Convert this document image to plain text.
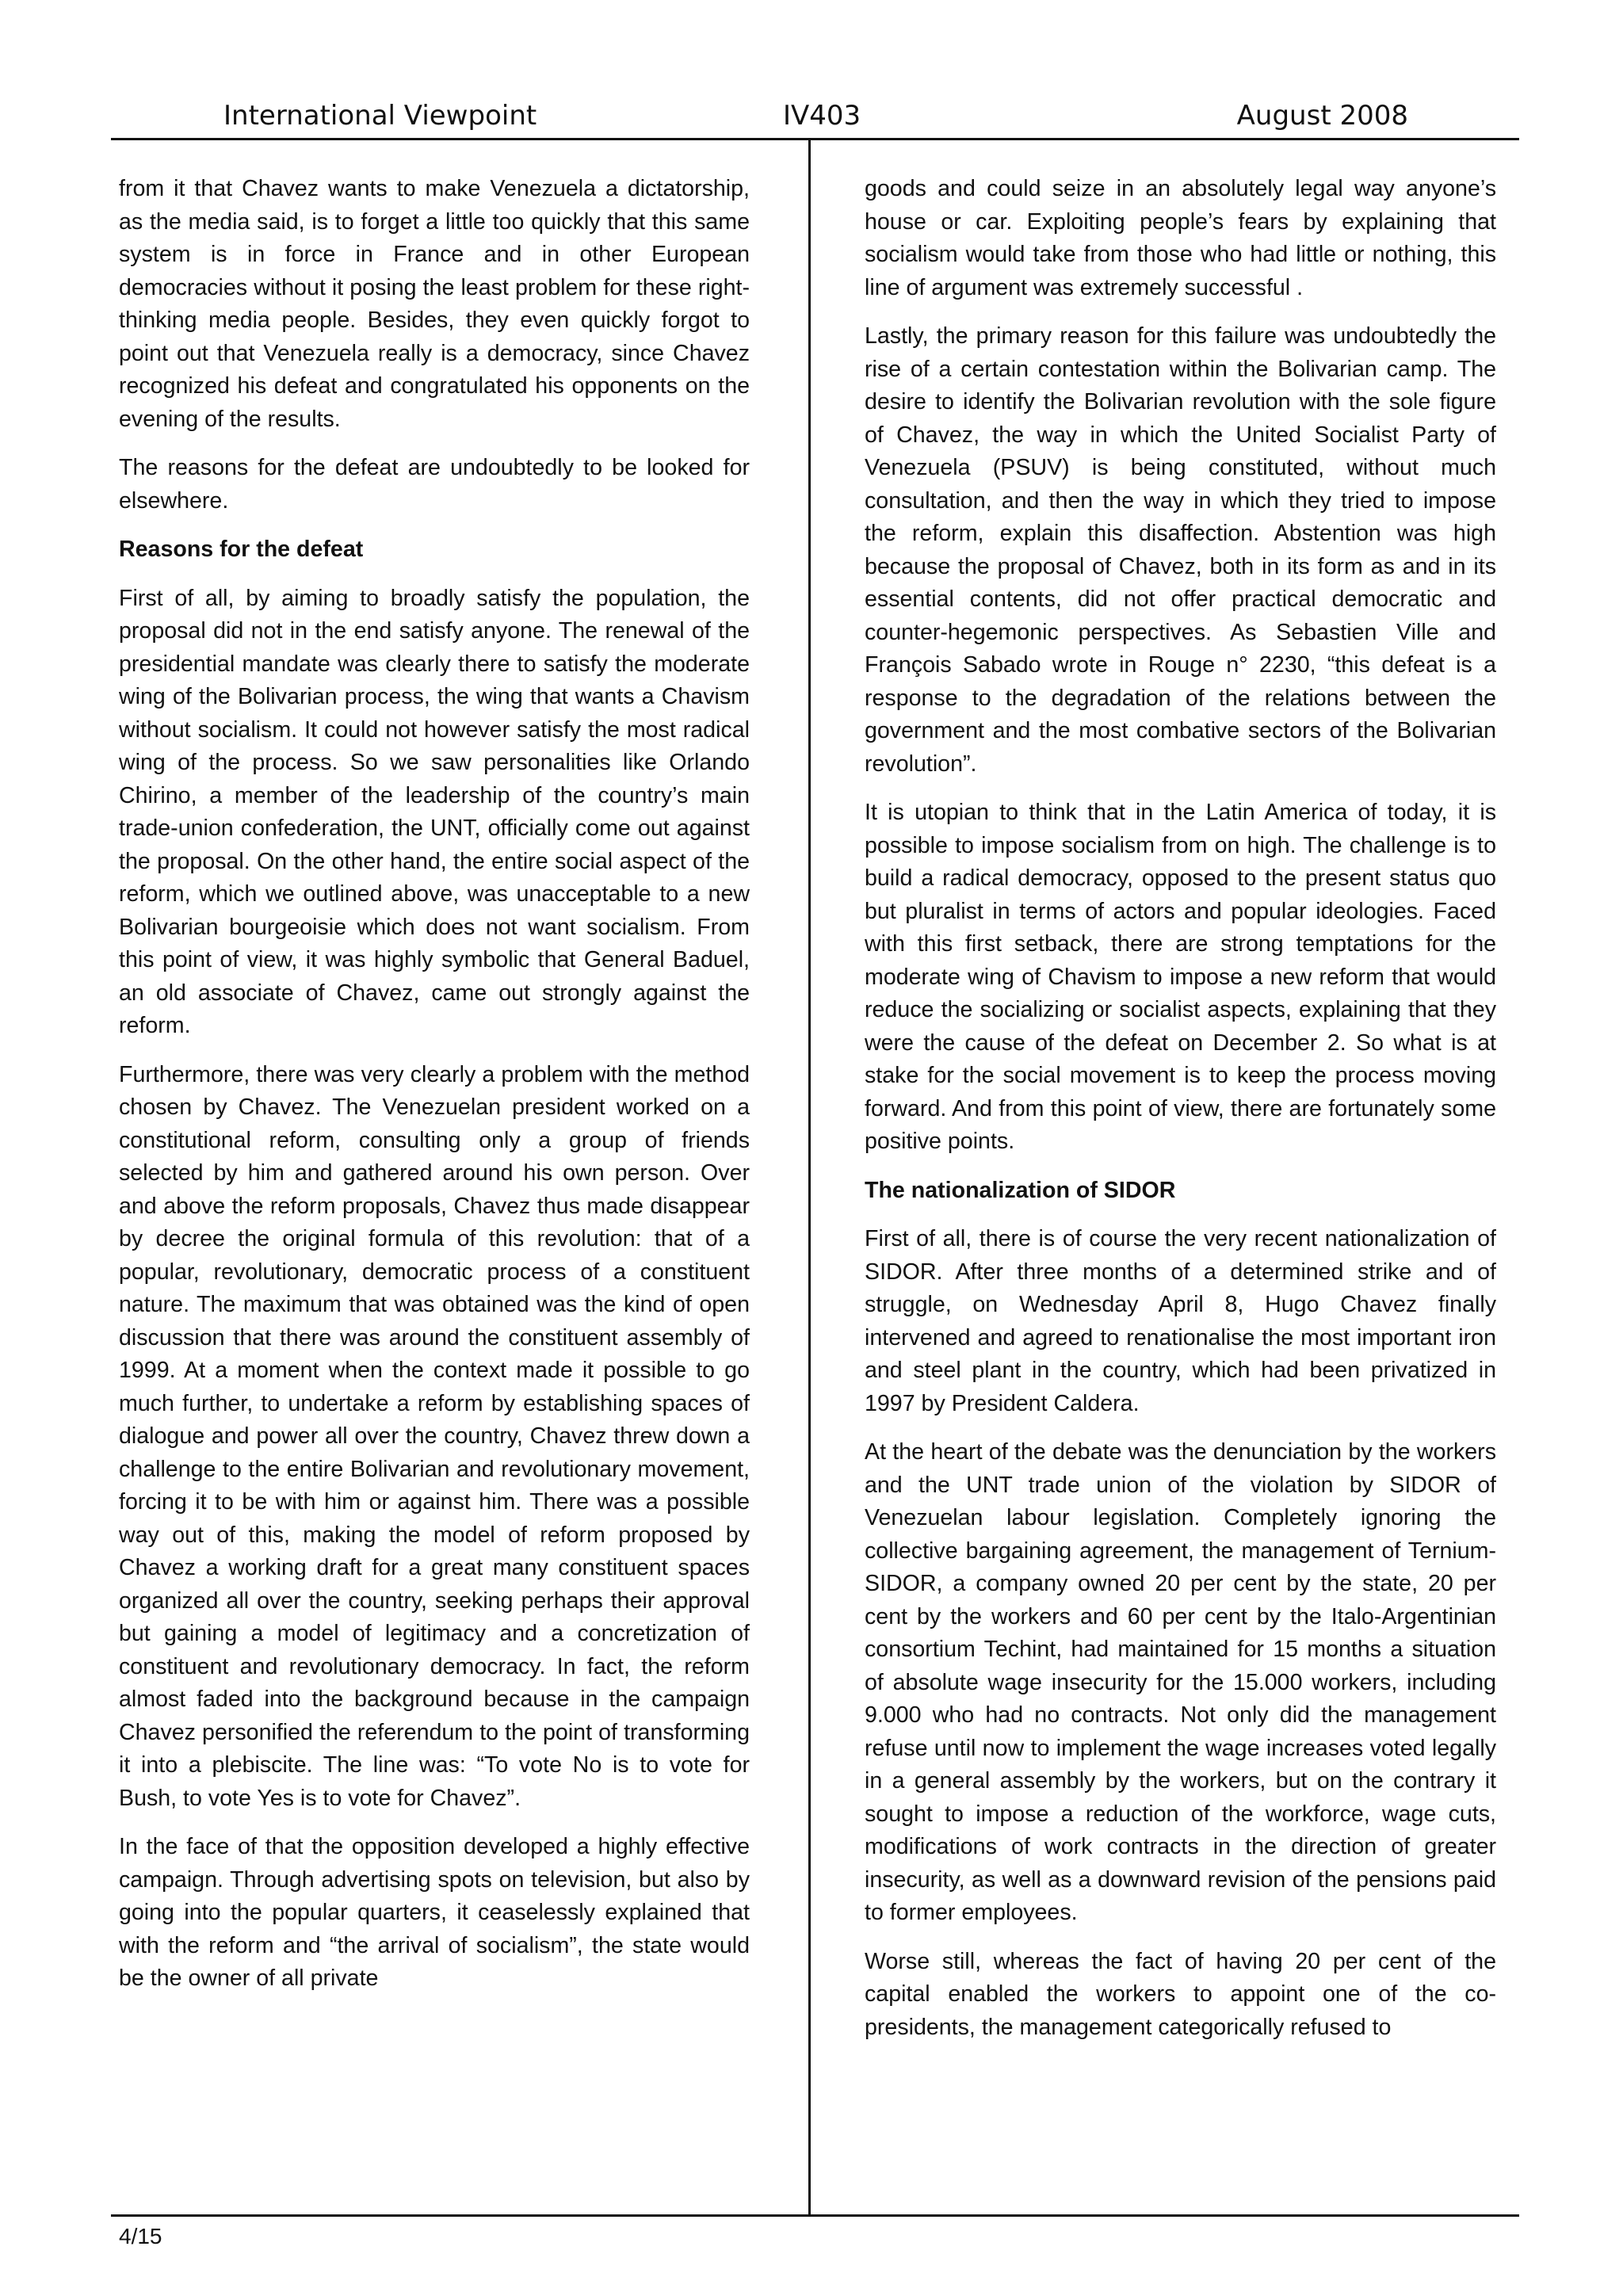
International Viewpoint	IV403	August 2008

from it that Chavez wants to make Venezuela a dictatorship, as the media said, is to forget a little too quickly that this same system is in force in France and in other European democracies without it posing the least problem for these right-thinking media people. Besides, they even quickly forgot to point out that Venezuela really is a democracy, since Chavez recognized his defeat and congratulated his opponents on the evening of the results.

The reasons for the defeat are undoubtedly to be looked for elsewhere.

Reasons for the defeat

First of all, by aiming to broadly satisfy the population, the proposal did not in the end satisfy anyone. The renewal of the presidential mandate was clearly there to satisfy the moderate wing of the Bolivarian process, the wing that wants a Chavism without socialism. It could not however satisfy the most radical wing of the process. So we saw personalities like Orlando Chirino, a member of the leadership of the country’s main trade-union confederation, the UNT, officially come out against the proposal. On the other hand, the entire social aspect of the reform, which we outlined above, was unacceptable to a new Bolivarian bourgeoisie which does not want socialism. From this point of view, it was highly symbolic that General Baduel, an old associate of Chavez, came out strongly against the reform.

Furthermore, there was very clearly a problem with the method chosen by Chavez. The Venezuelan president worked on a constitutional reform, consulting only a group of friends selected by him and gathered around his own person. Over and above the reform proposals, Chavez thus made disappear by decree the original formula of this revolution: that of a popular, revolutionary, democratic process of a constituent nature. The maximum that was obtained was the kind of open discussion that there was around the constituent assembly of 1999. At a moment when the context made it possible to go much further, to undertake a reform by establishing spaces of dialogue and power all over the country, Chavez threw down a challenge to the entire Bolivarian and revolutionary movement, forcing it to be with him or against him. There was a possible way out of this, making the model of reform proposed by Chavez a working draft for a great many constituent spaces organized all over the country, seeking perhaps their approval but gaining a model of legitimacy and a concretization of constituent and revolutionary democracy. In fact, the reform almost faded into the background because in the campaign Chavez personified the referendum to the point of transforming it into a plebiscite. The line was: “To vote No is to vote for Bush, to vote Yes is to vote for Chavez”.

In the face of that the opposition developed a highly effective campaign. Through advertising spots on television, but also by going into the popular quarters, it ceaselessly explained that with the reform and “the arrival of socialism”, the state would be the owner of all private

goods and could seize in an absolutely legal way anyone’s house or car. Exploiting people’s fears by explaining that socialism would take from those who had little or nothing, this line of argument was extremely successful .

Lastly, the primary reason for this failure was undoubtedly the rise of a certain contestation within the Bolivarian camp. The desire to identify the Bolivarian revolution with the sole figure of Chavez, the way in which the United Socialist Party of Venezuela (PSUV) is being constituted, without much consultation, and then the way in which they tried to impose the reform, explain this disaffection. Abstention was high because the proposal of Chavez, both in its form as and in its essential contents, did not offer practical democratic and counter-hegemonic perspectives. As Sebastien Ville and François Sabado wrote in Rouge n° 2230, “this defeat is a response to the degradation of the relations between the government and the most combative sectors of the Bolivarian revolution”.

It is utopian to think that in the Latin America of today, it is possible to impose socialism from on high. The challenge is to build a radical democracy, opposed to the present status quo but pluralist in terms of actors and popular ideologies. Faced with this first setback, there are strong temptations for the moderate wing of Chavism to impose a new reform that would reduce the socializing or socialist aspects, explaining that they were the cause of the defeat on December 2. So what is at stake for the social movement is to keep the process moving forward. And from this point of view, there are fortunately some positive points.

The nationalization of SIDOR

First of all, there is of course the very recent nationalization of SIDOR. After three months of a determined strike and of struggle, on Wednesday April 8, Hugo Chavez finally intervened and agreed to renationalise the most important iron and steel plant in the country, which had been privatized in 1997 by President Caldera.

At the heart of the debate was the denunciation by the workers and the UNT trade union of the violation by SIDOR of Venezuelan labour legislation. Completely ignoring the collective bargaining agreement, the management of Ternium-SIDOR, a company owned 20 per cent by the state, 20 per cent by the workers and 60 per cent by the Italo-Argentinian consortium Techint, had maintained for 15 months a situation of absolute wage insecurity for the 15.000 workers, including 9.000 who had no contracts. Not only did the management refuse until now to implement the wage increases voted legally in a general assembly by the workers, but on the contrary it sought to impose a reduction of the workforce, wage cuts, modifications of work contracts in the direction of greater insecurity, as well as a downward revision of the pensions paid to former employees.

Worse still, whereas the fact of having 20 per cent of the capital enabled the workers to appoint one of the co-presidents, the management categorically refused to

4/15
